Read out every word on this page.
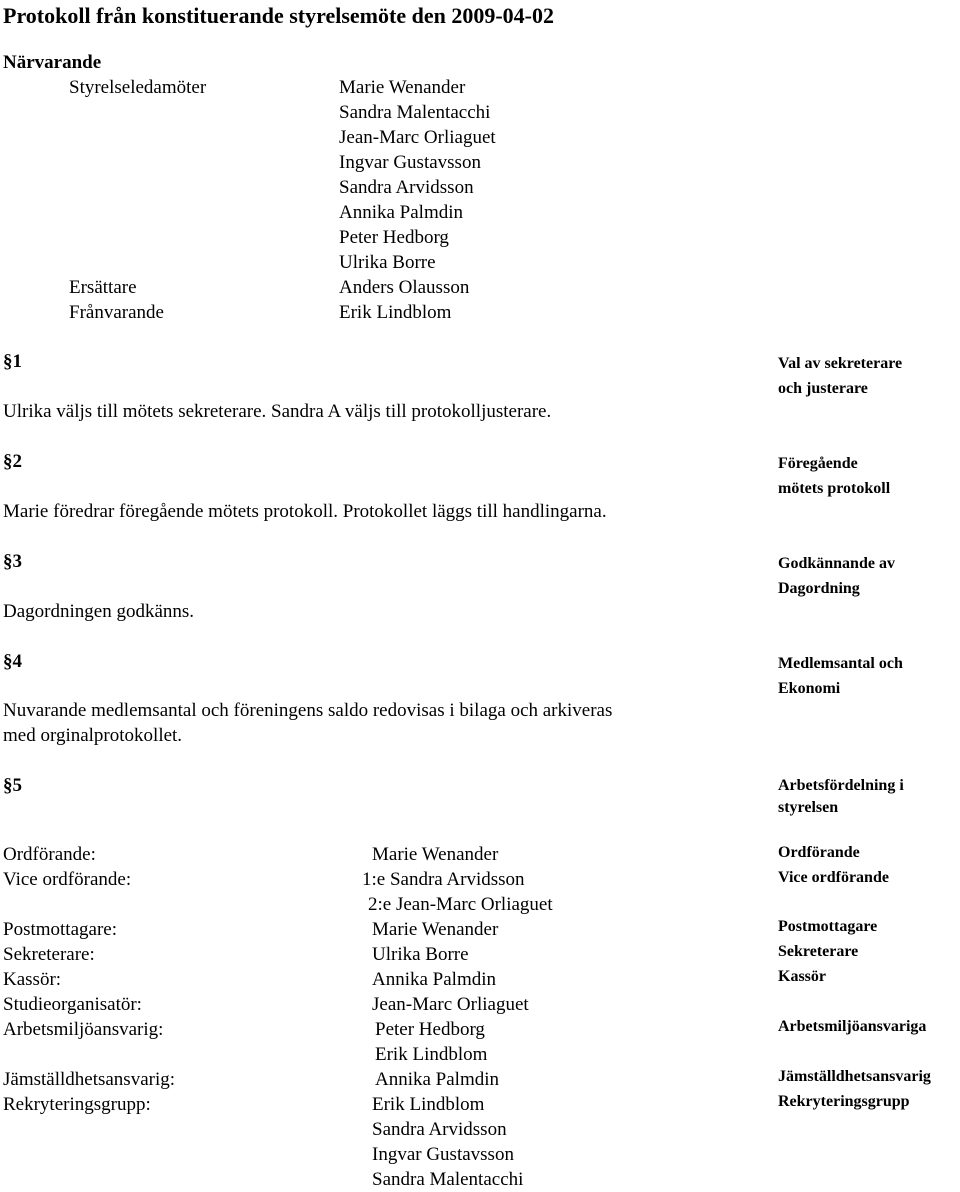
Protokoll från konstituerande styrelsemöte den 2009-04-02
Närvarande
Styrelseledamöter
Ersättare
Frånvarande
Marie Wenander
Sandra Malentacchi
Jean-Marc Orliaguet
Ingvar Gustavsson
Sandra Arvidsson
Annika Palmdin
Peter Hedborg
Ulrika Borre
Anders Olausson
Erik Lindblom
§1
Ulrika väljs till mötets sekreterare. Sandra A väljs till protokolljusterare.
Val av sekreterare
och justerare
§2
Marie föredrar föregående mötets protokoll. Protokollet läggs till handlingarna.
Föregående
mötets protokoll
§3
Dagordningen godkänns.
Godkännande av
Dagordning
§4
Nuvarande medlemsantal och föreningens saldo redovisas i bilaga och arkiveras
med orginalprotokollet.
Medlemsantal och
Ekonomi
§5	Arbetsfördelning i
styrelsen
Ordförande:
Vice ordförande:
Postmottagare:
Sekreterare:
Kassör:
Studieorganisatör:
Arbetsmiljöansvarig:
Jämställdhetsansvarig:
Rekryteringsgrupp:
Marie Wenander
1:e Sandra Arvidsson
2:e Jean-Marc Orliaguet
Marie Wenander
Ulrika Borre
Annika Palmdin
Jean-Marc Orliaguet
Peter Hedborg
Erik Lindblom
Annika Palmdin
Erik Lindblom
Sandra Arvidsson
Ingvar Gustavsson
Sandra Malentacchi
Ordförande
Vice ordförande
Postmottagare
Sekreterare
Kassör
Arbetsmiljöansvariga
Jämställdhetsansvarig
Rekryteringsgrupp
